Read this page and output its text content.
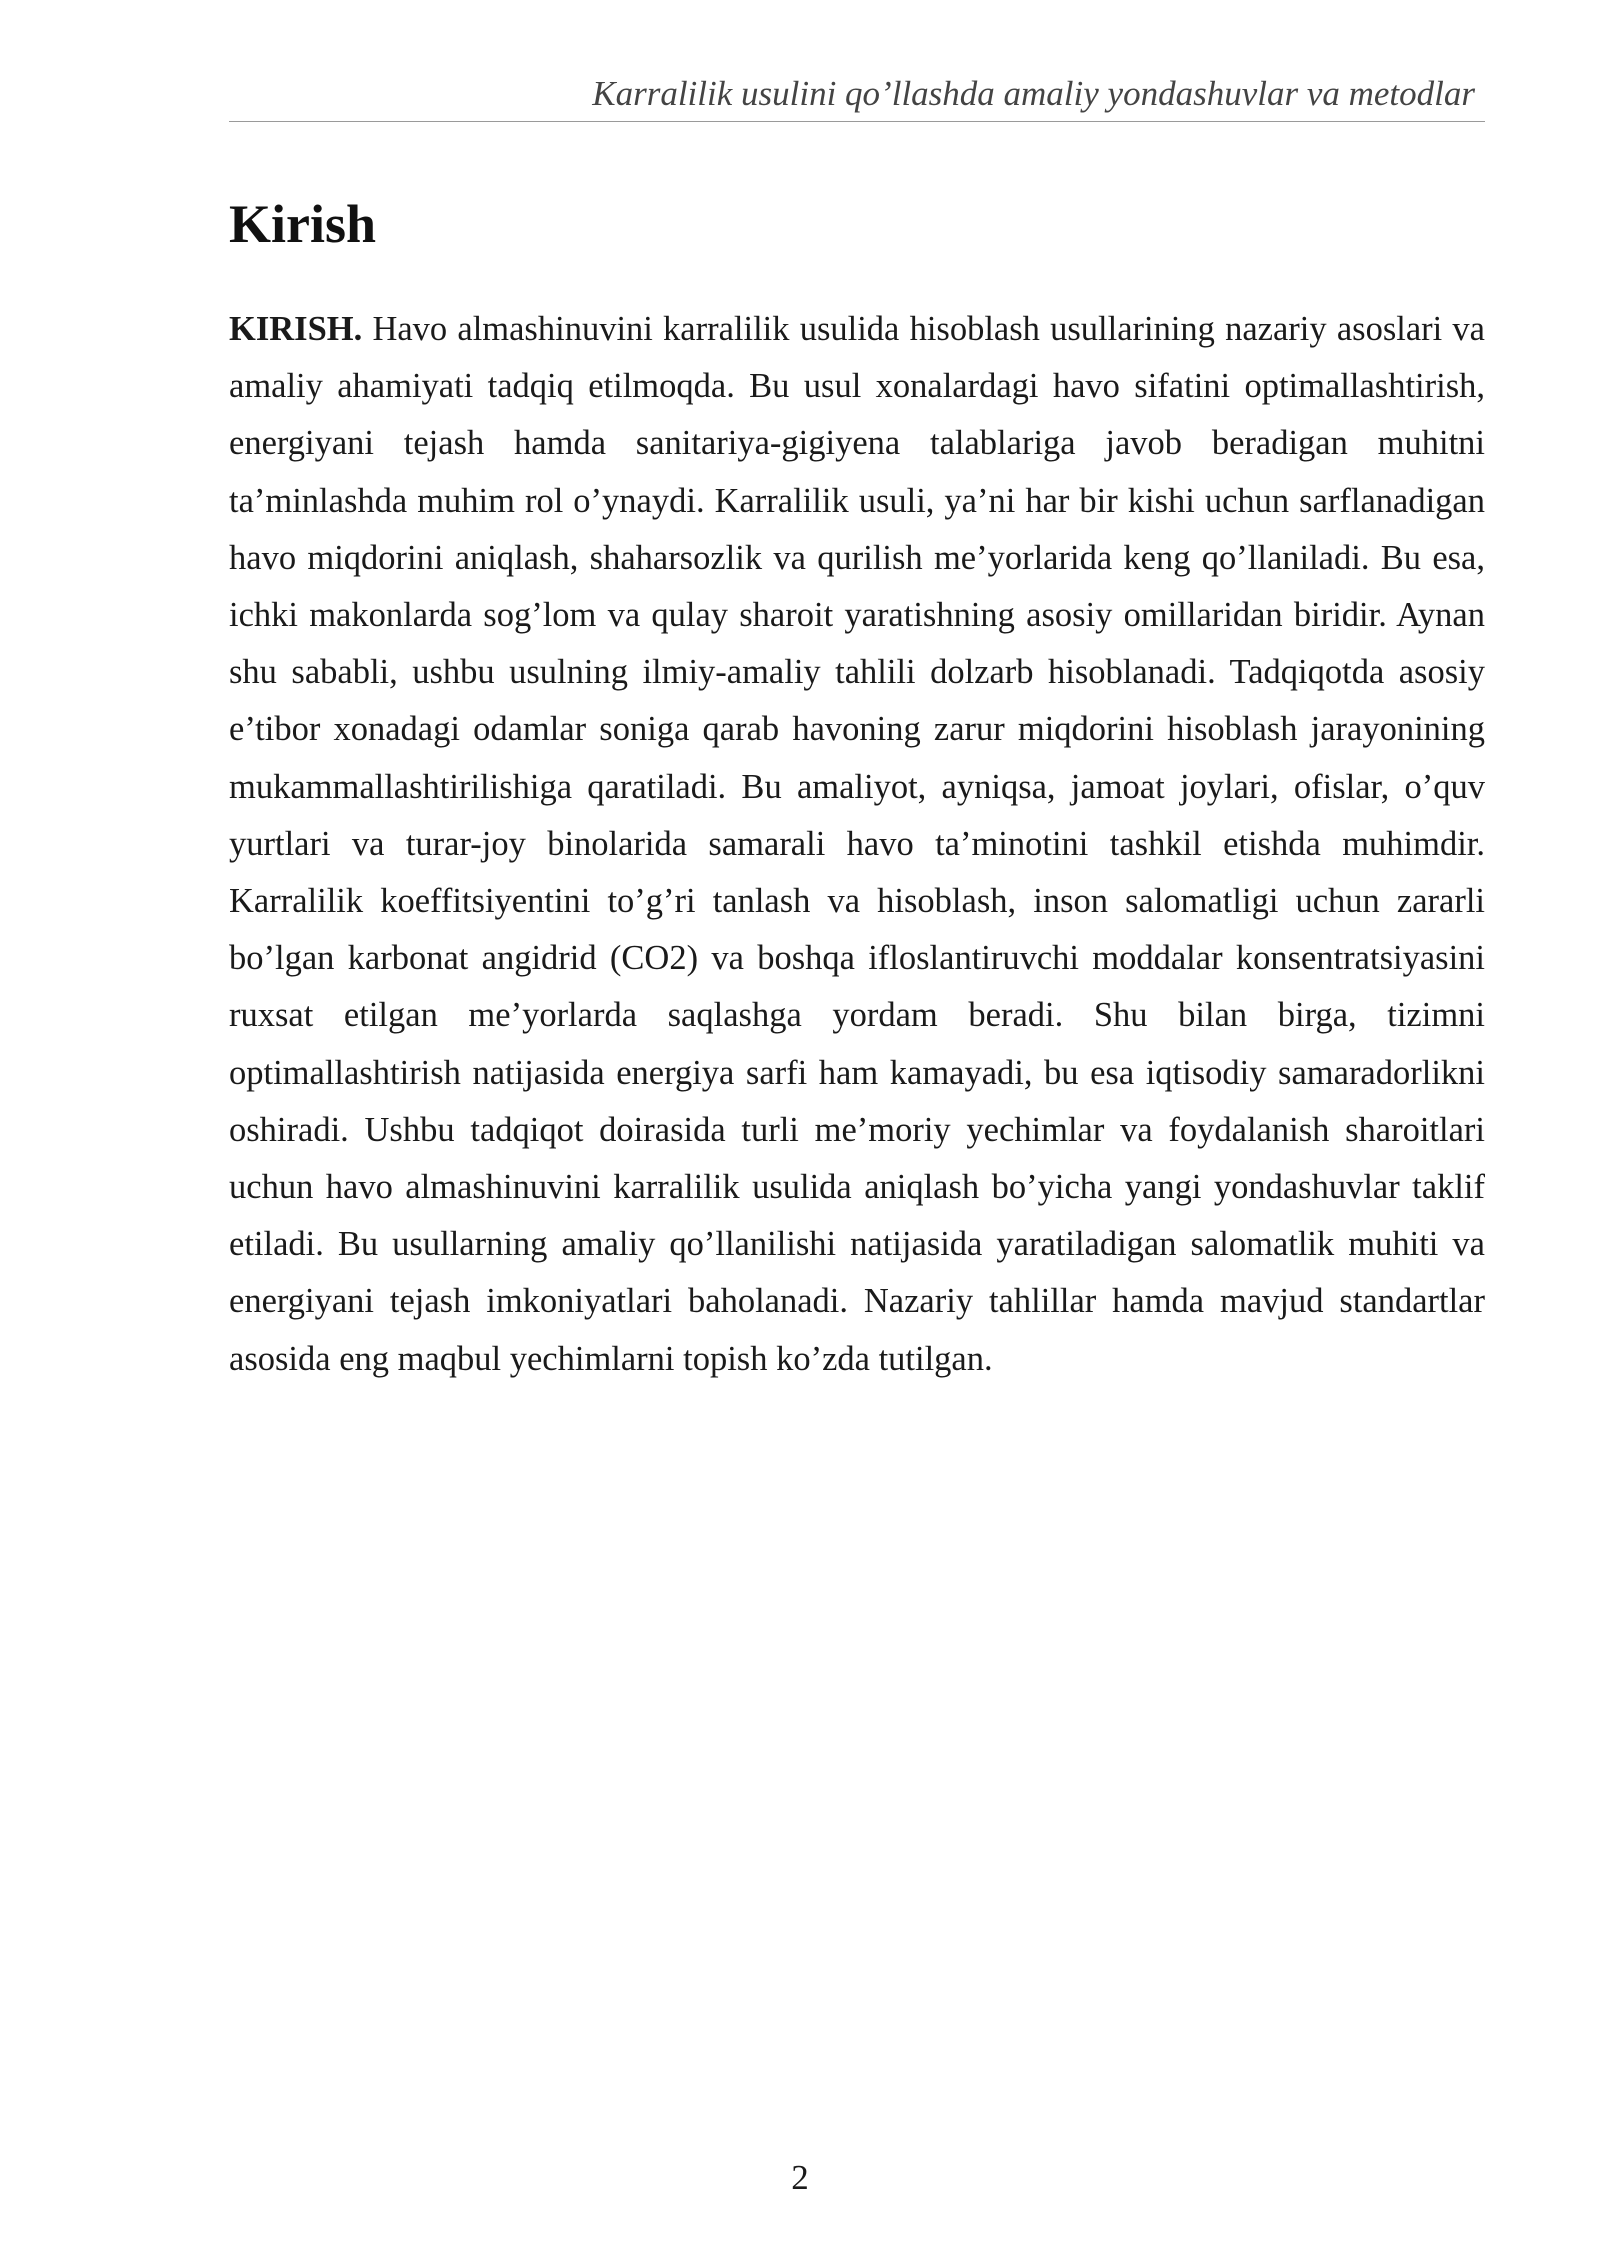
Karralilik usulini qo’llashda amaliy yondashuvlar va metodlar
Kirish

KIRISH. Havo almashinuvini karralilik usulida hisoblash usullarining nazariy asoslari va amaliy ahamiyati tadqiq etilmoqda. Bu usul xonalardagi havo sifatini optimallashtirish, energiyani tejash hamda sanitariya-gigiyena talablariga javob beradigan muhitni ta’minlashda muhim rol o’ynaydi. Karralilik usuli, ya’ni har bir kishi uchun sarflanadigan havo miqdorini aniqlash, shaharsozlik va qurilish me’yorlarida keng qo’llaniladi. Bu esa, ichki makonlarda sog’lom va qulay sharoit yaratishning asosiy omillaridan biridir. Aynan shu sababli, ushbu usulning ilmiy-amaliy tahlili dolzarb hisoblanadi. Tadqiqotda asosiy e’tibor xonadagi odamlar soniga qarab havoning zarur miqdorini hisoblash jarayonining mukammallashtirilishiga qaratiladi. Bu amaliyot, ayniqsa, jamoat joylari, ofislar, o’quv yurtlari va turar-joy binolarida samarali havo ta’minotini tashkil etishda muhimdir. Karralilik koeffitsiyentini to’g’ri tanlash va hisoblash, inson salomatligi uchun zararli bo’lgan karbonat angidrid (CO2) va boshqa ifloslantiruvchi moddalar konsentratsiyasini ruxsat etilgan me’yorlarda saqlashga yordam beradi. Shu bilan birga, tizimni optimallashtirish natijasida energiya sarfi ham kamayadi, bu esa iqtisodiy samaradorlikni oshiradi. Ushbu tadqiqot doirasida turli me’moriy yechimlar va foydalanish sharoitlari uchun havo almashinuvini karralilik usulida aniqlash bo’yicha yangi yondashuvlar taklif etiladi. Bu usullarning amaliy qo’llanilishi natijasida yaratiladigan salomatlik muhiti va energiyani tejash imkoniyatlari baholanadi. Nazariy tahlillar hamda mavjud standartlar asosida eng maqbul yechimlarni topish ko’zda tutilgan.

2
